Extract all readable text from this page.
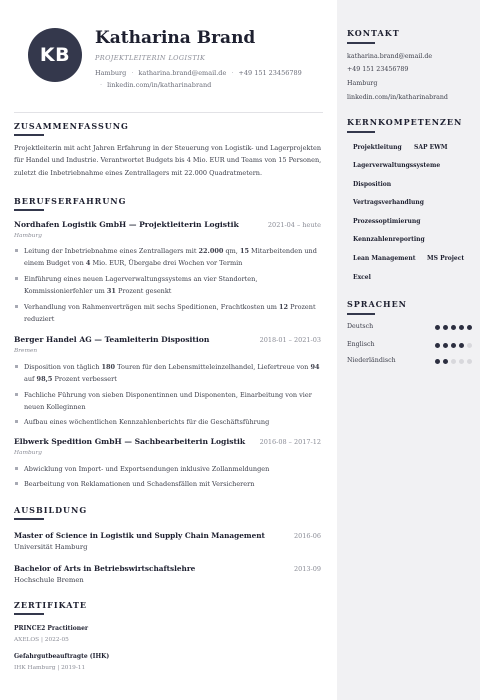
KB
Katharina Brand
PROJEKTLEITERIN LOGISTIK
Hamburg · katharina.brand@email.de · +49 151 23456789
· linkedin.com/in/katharinabrand
ZUSAMMENFASSUNG
Projektleiterin mit acht Jahren Erfahrung in der Steuerung von Logistik- und Lagerprojekten für Handel und Industrie. Verantwortet Budgets bis 4 Mio. EUR und Teams von 15 Personen, zuletzt die Inbetriebnahme eines Zentrallagers mit 22.000 Quadratmetern.
BERUFSERFAHRUNG
Nordhafen Logistik GmbH — Projektleiterin Logistik	2021-04 – heute
Hamburg
Leitung der Inbetriebnahme eines Zentrallagers mit 22.000 qm, 15 Mitarbeitenden und einem Budget von 4 Mio. EUR, Übergabe drei Wochen vor Termin
Einführung eines neuen Lagerverwaltungssystems an vier Standorten, Kommissionierfehler um 31 Prozent gesenkt
Verhandlung von Rahmenverträgen mit sechs Speditionen, Frachtkosten um 12 Prozent reduziert
Berger Handel AG — Teamleiterin Disposition	2018-01 – 2021-03
Bremen
Disposition von täglich 180 Touren für den Lebensmitteleinzelhandel, Liefertreue von 94 auf 98,5 Prozent verbessert
Fachliche Führung von sieben Disponentinnen und Disponenten, Einarbeitung von vier neuen Kolleginnen
Aufbau eines wöchentlichen Kennzahlenberichts für die Geschäftsführung
Elbwerk Spedition GmbH — Sachbearbeiterin Logistik 2016-08 – 2017-12
Hamburg
Abwicklung von Import- und Exportsendungen inklusive Zollanmeldungen
Bearbeitung von Reklamationen und Schadensfällen mit Versicherern
AUSBILDUNG
Master of Science in Logistik und Supply Chain Management	2016-06
Universität Hamburg
Bachelor of Arts in Betriebswirtschaftslehre	2013-09
Hochschule Bremen
ZERTIFIKATE
PRINCE2 Practitioner
AXELOS | 2022-05
Gefahrgutbeauftragte (IHK)
IHK Hamburg | 2019-11
KONTAKT
katharina.brand@email.de
+49 151 23456789
Hamburg
linkedin.com/in/katharinabrand
KERNKOMPETENZEN
Projektleitung SAP EWM
Lagerverwaltungssysteme
Disposition
Vertragsverhandlung
Prozessoptimierung
Kennzahlenreporting
Lean Management MS Project
Excel
SPRACHEN
Deutsch
Englisch
Niederländisch
